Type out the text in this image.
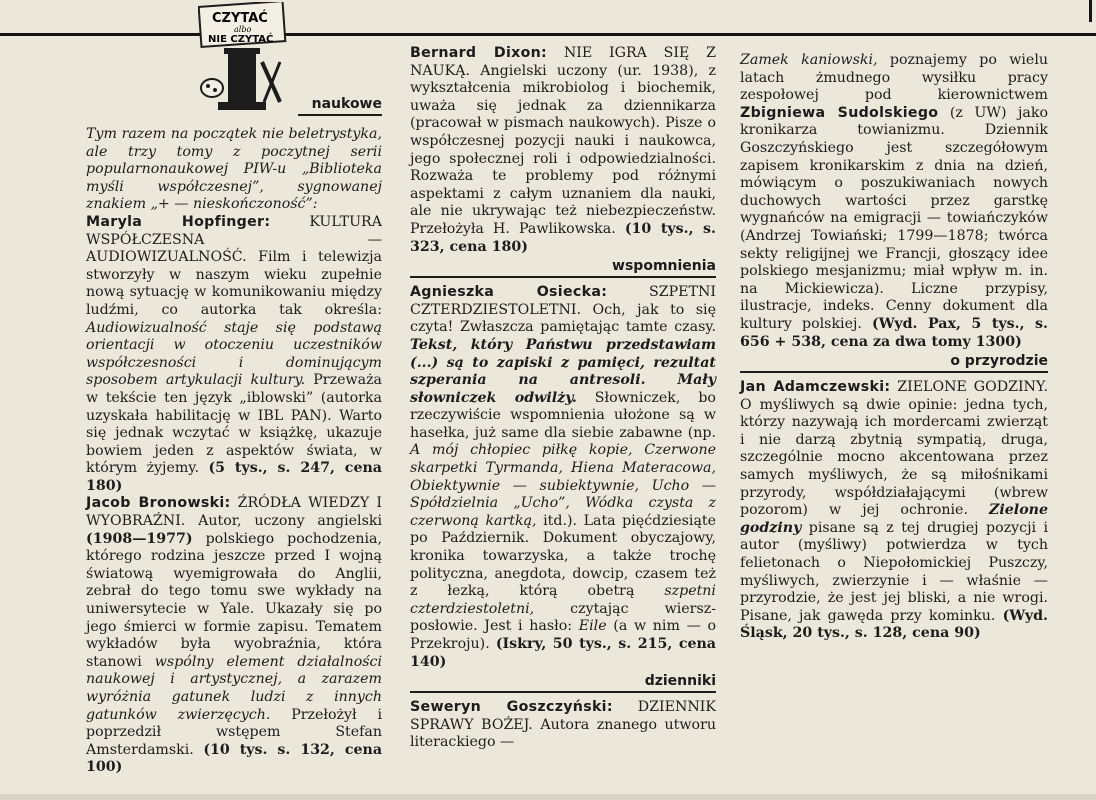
CZYTAĆ
albo
NIE CZYTAĆ
naukowe

Tym razem na początek nie beletrystyka, ale trzy tomy z poczytnej serii popularnonaukowej PIW-u „Biblioteka myśli współczesnej”, sygnowanej znakiem „+ — nieskończoność”:

Maryla Hopfinger:	KULTURA WSPÓŁCZESNA — AUDIOWIZUALNOŚĆ. Film i telewizja stworzyły w naszym wieku zupełnie nową sytuację w komunikowaniu między ludźmi, co autorka tak określa: Audiowizualność staje się podstawą orientacji w otoczeniu uczestników współczesności i dominującym sposobem artykulacji kultury. Przeważa w tekście ten język „iblowski” (autorka uzyskała habilitację w IBL PAN). Warto się jednak wczytać w książkę, ukazuje bowiem jeden z aspektów świata, w którym żyjemy. (5 tys., s. 247, cena 180)

Jacob Bronowski: ŹRÓDŁA WIEDZY I WYOBRAŹNI. Autor, uczony angielski (1908—1977) polskiego pochodzenia, którego rodzina jeszcze przed I wojną światową wyemigrowała do Anglii, zebrał do tego tomu swe wykłady na uniwersytecie w Yale. Ukazały się po jego śmierci w formie zapisu. Tematem wykładów była wyobraźnia, która stanowi wspólny element działalności naukowej i artystycznej, a zarazem wyróżnia gatunek ludzi z innych gatunków zwierzęcych. Przełożył i poprzedził wstępem Stefan Amsterdamski. (10 tys. s. 132, cena 100)

Bernard Dixon: NIE IGRA SIĘ Z NAUKĄ. Angielski uczony (ur. 1938), z wykształcenia mikrobiolog i biochemik, uważa się jednak za dziennikarza (pracował w pismach naukowych). Pisze o współczesnej pozycji nauki i naukowca, jego społecznej roli i odpowiedzialności. Rozważa te problemy pod różnymi aspektami z całym uznaniem dla nauki, ale nie ukrywając też niebezpieczeństw. Przełożyła H. Pawlikowska. (10 tys., s. 323, cena 180)

wspomnienia

Agnieszka Osiecka:	SZPETNI CZTERDZIESTOLETNI. Och, jak to się czyta! Zwłaszcza pamiętając tamte czasy. Tekst, który Państwu przedstawiam (...) są to zapiski z pamięci, rezultat szperania na antresoli. Mały słowniczek odwilży. Słowniczek, bo rzeczywiście wspomnienia ułożone są w hasełka, już same dla siebie zabawne (np. A mój chłopiec piłkę kopie, Czerwone skarpetki Tyrmanda, Hiena Materacowa, Obiektywnie — subiektywnie, Ucho — Spółdzielnia „Ucho”, Wódka czysta z czerwoną kartką, itd.). Lata pięćdziesiąte po Październik. Dokument obyczajowy, kronika towarzyska, a także trochę polityczna, anegdota, dowcip, czasem też z łezką, którą obetrą szpetni czterdziestoletni,	czytając wiersz-posłowie. Jest i hasło: Eile (a w nim — o Przekroju). (Iskry, 50 tys., s. 215, cena 140)

dzienniki

Seweryn Goszczyński: DZIENNIK SPRAWY BOŻEJ. Autora znanego utworu literackiego —

Zamek kaniowski, poznajemy po wielu latach żmudnego wysiłku pracy zespołowej pod kierownictwem Zbigniewa Sudolskiego (z UW) jako kronikarza towianizmu. Dziennik Goszczyńskiego jest szczegółowym zapisem kronikarskim z dnia na dzień, mówiącym o poszukiwaniach nowych duchowych wartości przez garstkę wygnańców na emigracji — towiańczyków (Andrzej Towiański; 1799—1878; twórca sekty religijnej we Francji, głoszący idee polskiego mesjanizmu; miał wpływ m. in. na Mickiewicza). Liczne przypisy, ilustracje, indeks. Cenny dokument dla kultury polskiej. (Wyd. Pax, 5 tys., s. 656 + 538, cena za dwa tomy 1300)

o przyrodzie

Jan Adamczewski: ZIELONE GODZINY. O myśliwych są dwie opinie: jedna tych, którzy nazywają ich mordercami zwierząt i nie darzą zbytnią sympatią, druga, szczególnie mocno akcentowana przez samych myśliwych, że są miłośnikami przyrody, współdziałającymi (wbrew pozorom) w jej ochronie. Zielone godziny pisane są z tej drugiej pozycji i autor (myśliwy) potwierdza w tych felietonach o Niepołomickiej Puszczy, myśliwych, zwierzynie i — właśnie — przyrodzie, że jest jej bliski, a nie wrogi. Pisane, jak gawęda przy kominku. (Wyd. Śląsk, 20 tys., s. 128, cena 90)
